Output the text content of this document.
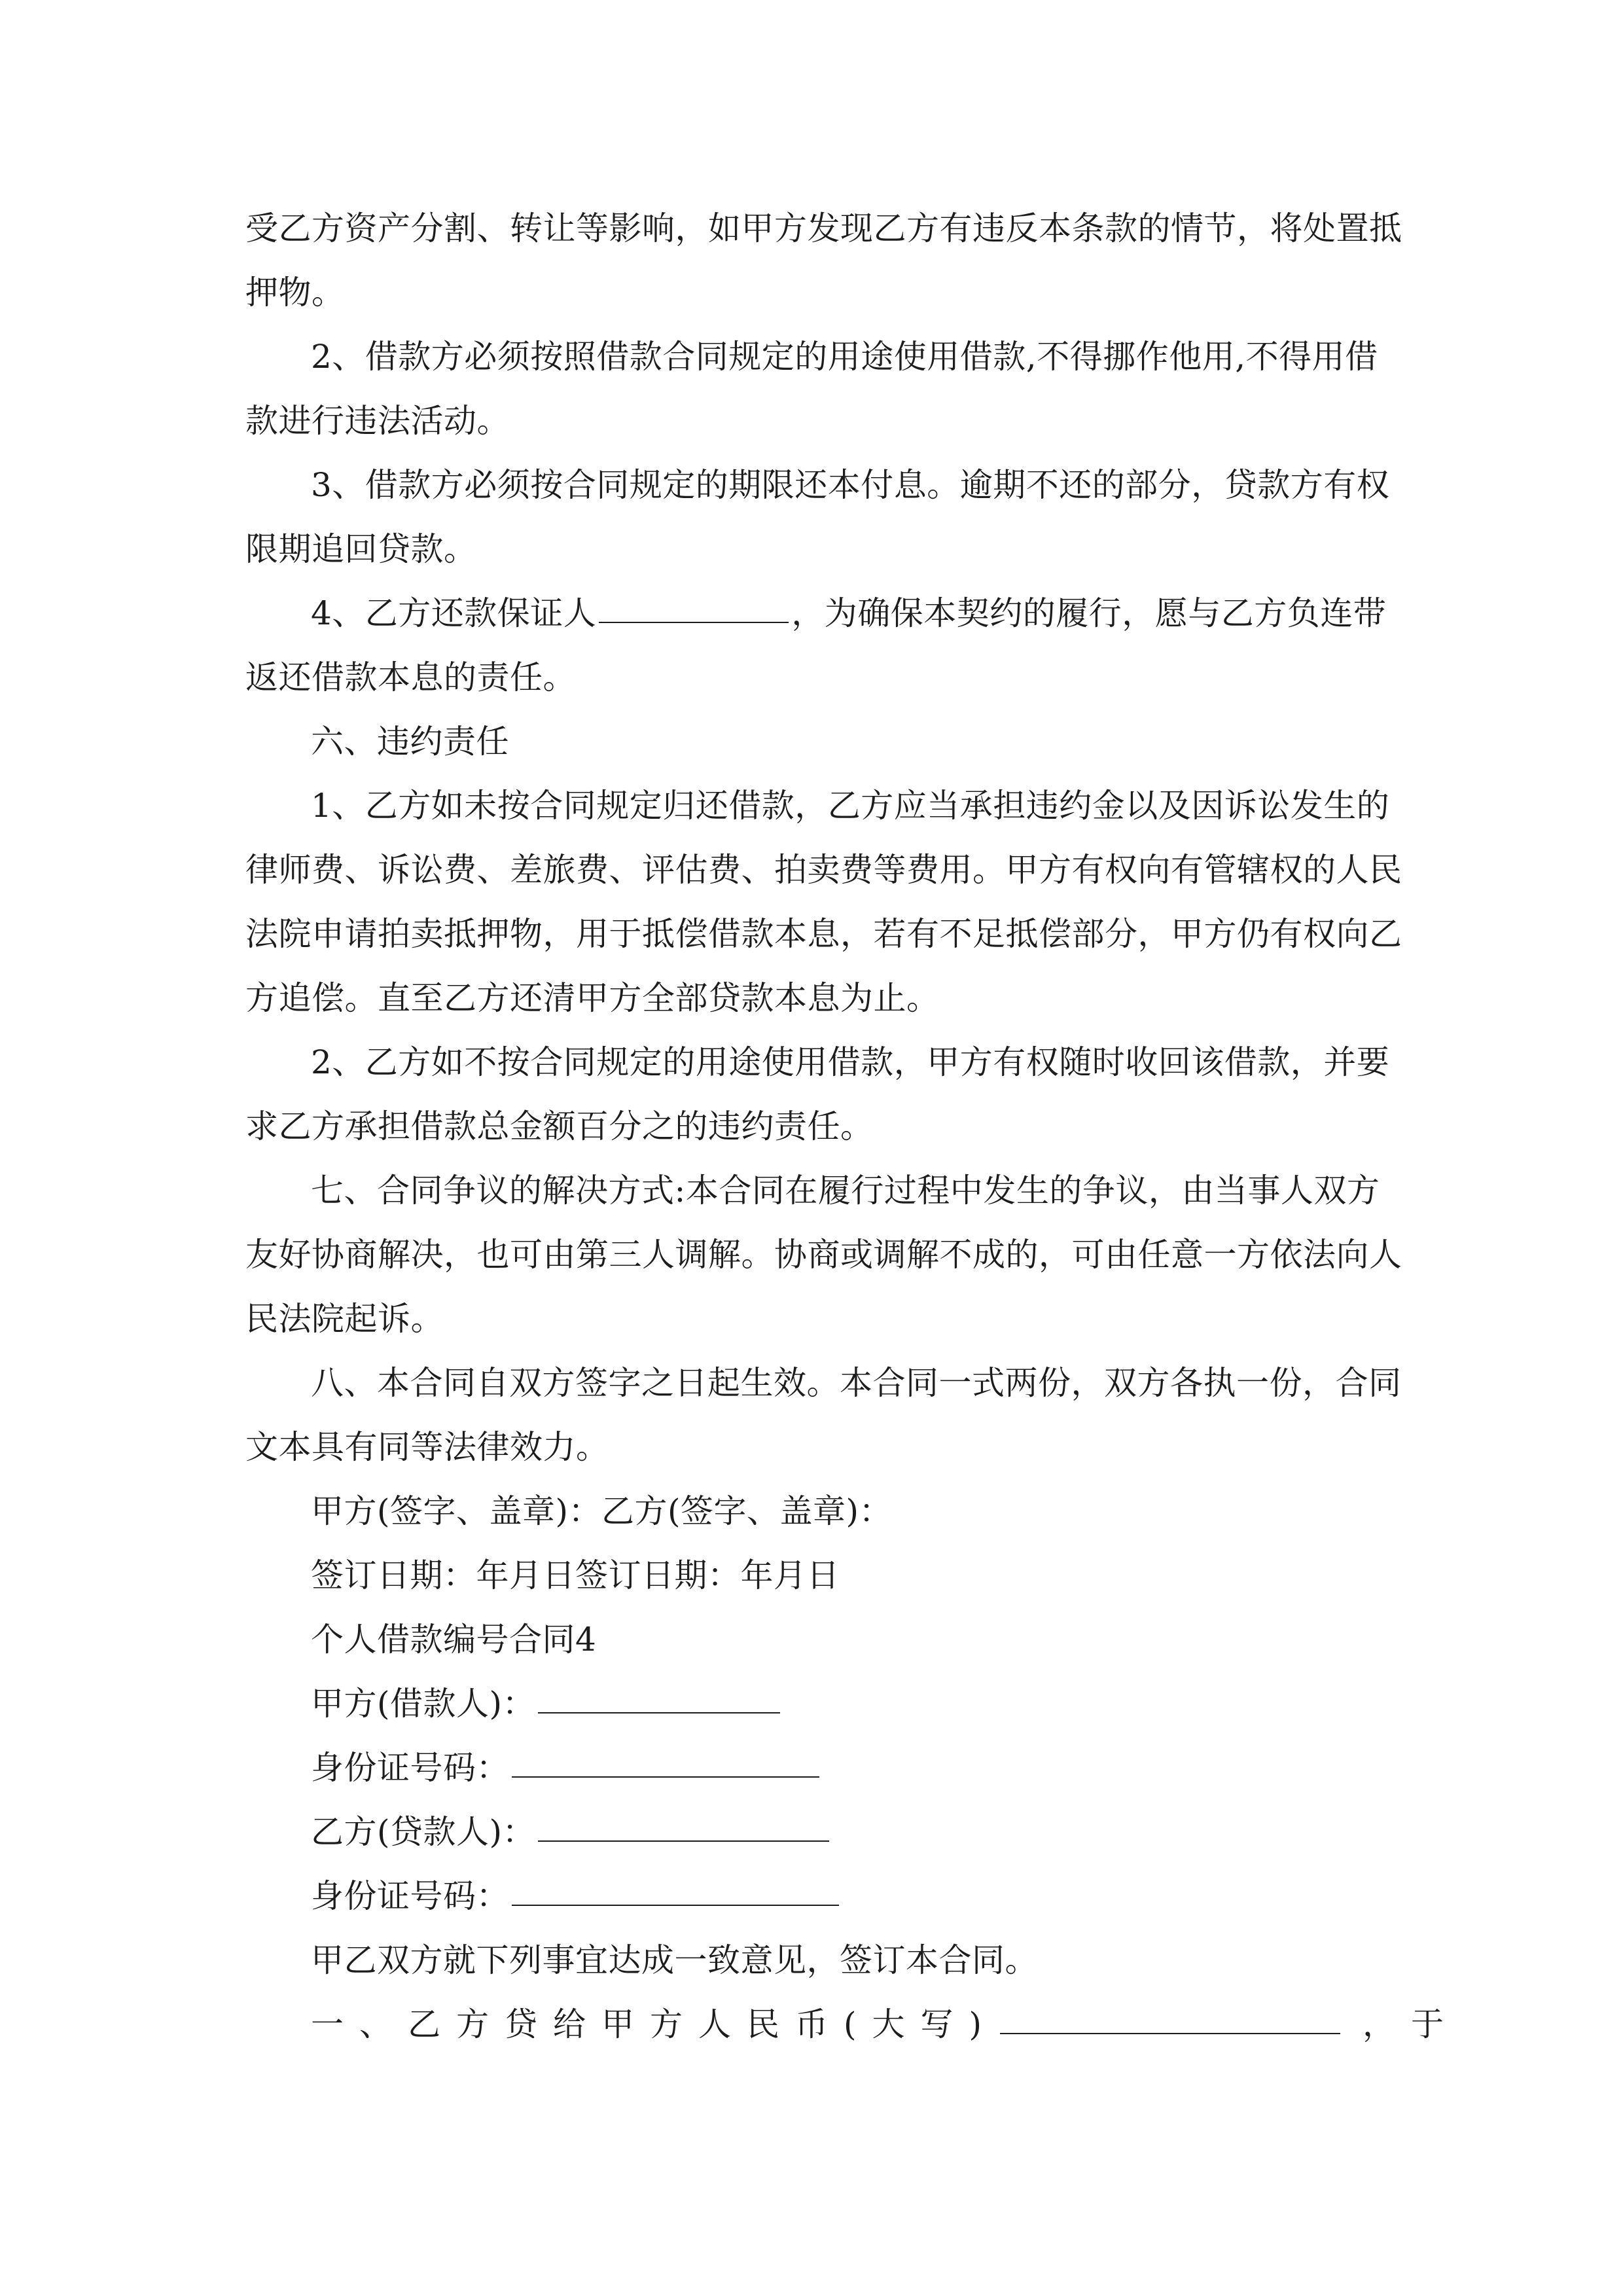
受乙方资产分割、转让等影响，如甲方发现乙方有违反本条款的情节，将处置抵
押物。
2、借款方必须按照借款合同规定的用途使用借款,不得挪作他用,不得用借
款进行违法活动。
3、借款方必须按合同规定的期限还本付息。逾期不还的部分，贷款方有权
限期追回贷款。
4、乙方还款保证人	，为确保本契约的履行，愿与乙方负连带
返还借款本息的责任。
六、违约责任
1、乙方如未按合同规定归还借款，乙方应当承担违约金以及因诉讼发生的
律师费、诉讼费、差旅费、评估费、拍卖费等费用。甲方有权向有管辖权的人民
法院申请拍卖抵押物，用于抵偿借款本息，若有不足抵偿部分，甲方仍有权向乙
方追偿。直至乙方还清甲方全部贷款本息为止。
2、乙方如不按合同规定的用途使用借款，甲方有权随时收回该借款，并要
求乙方承担借款总金额百分之的违约责任。
七、合同争议的解决方式:本合同在履行过程中发生的争议，由当事人双方
友好协商解决，也可由第三人调解。协商或调解不成的，可由任意一方依法向人
民法院起诉。
八、本合同自双方签字之日起生效。本合同一式两份，双方各执一份，合同
文本具有同等法律效力。
甲方(签字、盖章)：乙方(签字、盖章)：
签订日期：年月日签订日期：年月日
个人借款编号合同4
甲方(借款人)：
身份证号码：
乙方(贷款人)：
身份证号码：
甲乙双方就下列事宜达成一致意见，签订本合同。
一、乙方贷给甲方人民币(大写)	，于
